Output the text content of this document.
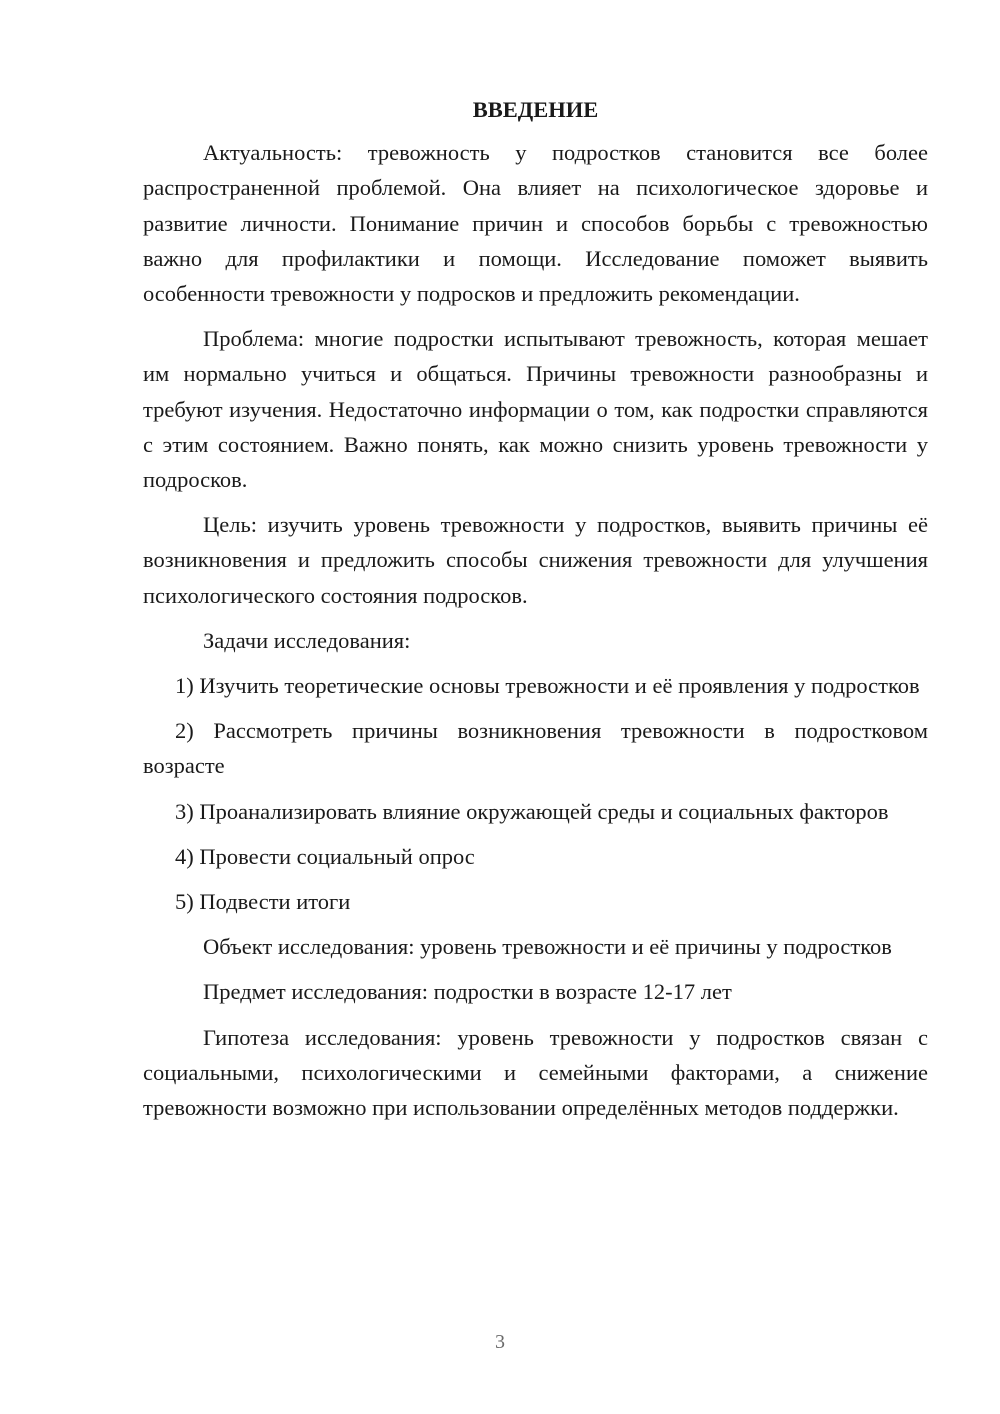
ВВЕДЕНИЕ

Актуальность: тревожность у подростков становится все более распространенной проблемой. Она влияет на психологическое здоровье и развитие личности. Понимание причин и способов борьбы с тревожностью важно для профилактики и помощи. Исследование поможет выявить особенности тревожности у подросков и предложить рекомендации.

Проблема: многие подростки испытывают тревожность, которая мешает им нормально учиться и общаться. Причины тревожности разнообразны и требуют изучения. Недостаточно информации о том, как подростки справляются с этим состоянием. Важно понять, как можно снизить уровень тревожности у подросков.

Цель: изучить уровень тревожности у подростков, выявить причины её возникновения и предложить способы снижения тревожности для улучшения психологического состояния подросков.

Задачи исследования:

1) Изучить теоретические основы тревожности и её проявления у подростков

2) Рассмотреть причины возникновения тревожности в подростковом возрасте

3) Проанализировать влияние окружающей среды и социальных факторов

4) Провести социальный опрос

5) Подвести итоги

Объект исследования: уровень тревожности и её причины у подростков

Предмет исследования: подростки в возрасте 12-17 лет

Гипотеза исследования: уровень тревожности у подростков связан с социальными, психологическими и семейными факторами, а снижение тревожности возможно при использовании определённых методов поддержки.

3
